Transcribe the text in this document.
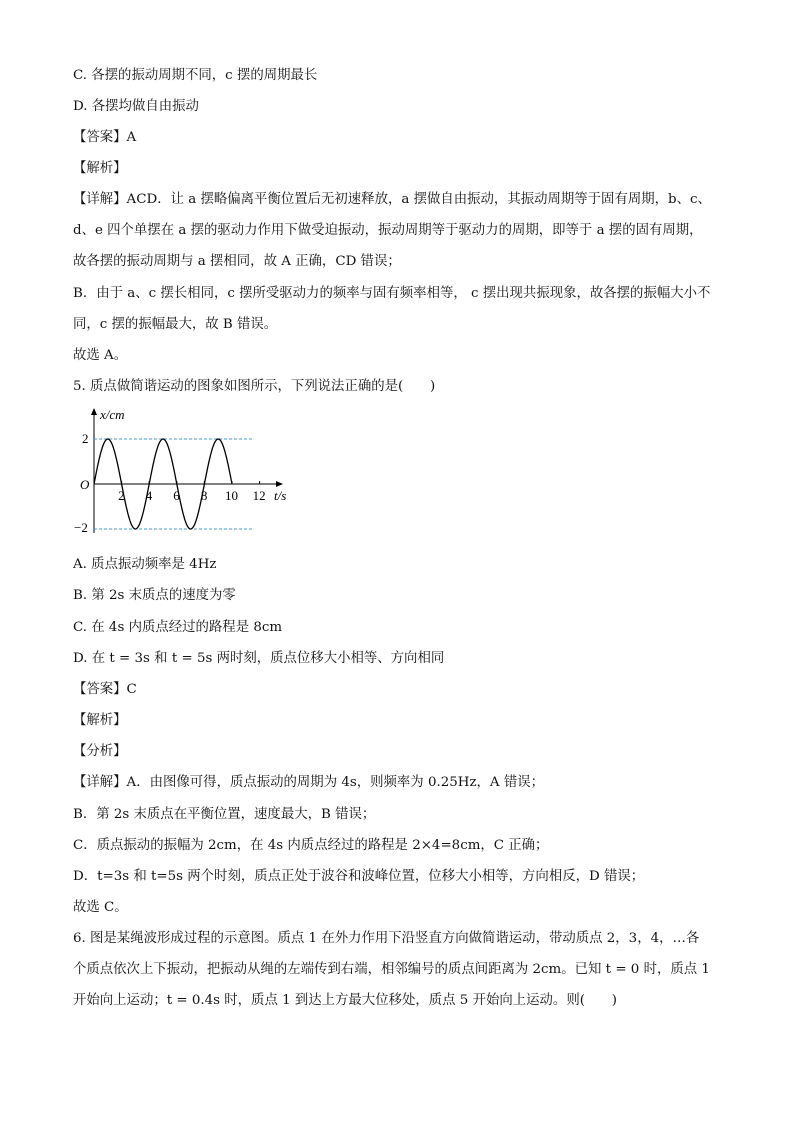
C. 各摆的振动周期不同，c 摆的周期最长
D. 各摆均做自由振动
【答案】A
【解析】
【详解】ACD．让 a 摆略偏离平衡位置后无初速释放，a 摆做自由振动，其振动周期等于固有周期，b、c、
d、e 四个单摆在 a 摆的驱动力作用下做受迫振动，振动周期等于驱动力的周期，即等于 a 摆的固有周期，
故各摆的振动周期与 a 摆相同，故 A 正确，CD 错误；
B．由于 a、c 摆长相同，c 摆所受驱动力的频率与固有频率相等， c 摆出现共振现象，故各摆的振幅大小不
同，c 摆的振幅最大，故 B 错误。
故选 A。
5. 质点做简谐运动的图象如图所示，下列说法正确的是(　　)
2 4 6 8 10 12
x/cm
2
−2
O
t/s
A. 质点振动频率是 4Hz
B. 第 2s 末质点的速度为零
C. 在 4s 内质点经过的路程是 8cm
D. 在 t = 3s 和 t = 5s 两时刻，质点位移大小相等、方向相同
【答案】C
【解析】
【分析】
【详解】A．由图像可得，质点振动的周期为 4s，则频率为 0.25Hz，A 错误；
B．第 2s 末质点在平衡位置，速度最大，B 错误；
C．质点振动的振幅为 2cm，在 4s 内质点经过的路程是 2×4=8cm，C 正确；
D．t=3s 和 t=5s 两个时刻，质点正处于波谷和波峰位置，位移大小相等，方向相反，D 错误；
故选 C。
6. 图是某绳波形成过程的示意图。质点 1 在外力作用下沿竖直方向做简谐运动，带动质点 2，3，4，…各
个质点依次上下振动，把振动从绳的左端传到右端，相邻编号的质点间距离为 2cm。已知 t = 0 时，质点 1
开始向上运动；t = 0.4s 时，质点 1 到达上方最大位移处，质点 5 开始向上运动。则(　　)
